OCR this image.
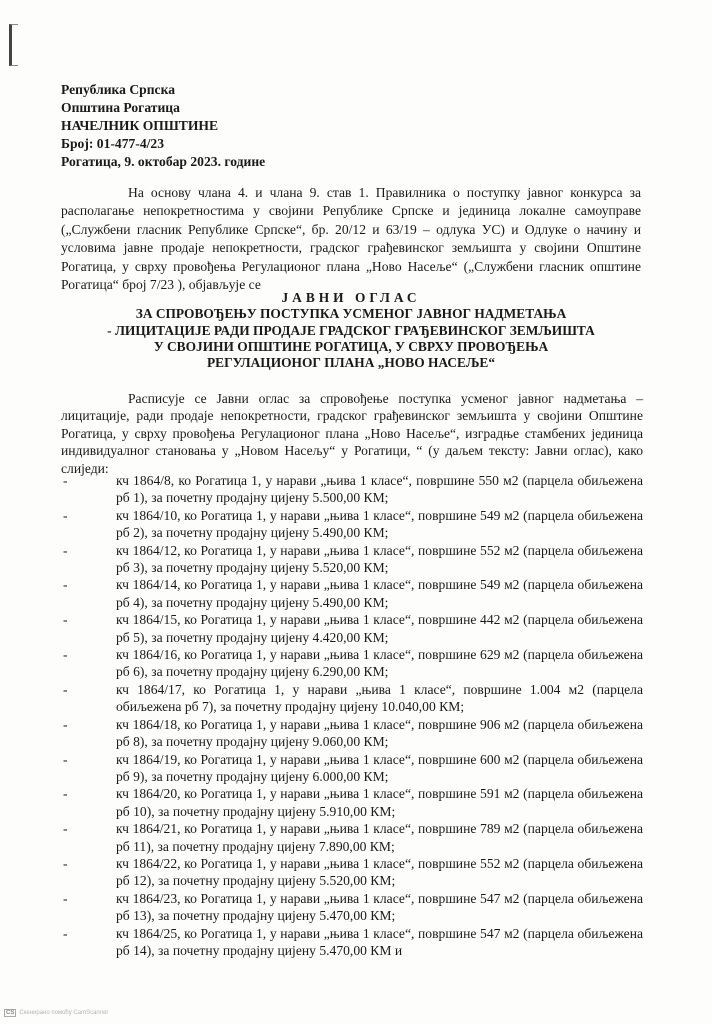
Република Српска
Општина Рогатица
НАЧЕЛНИК ОПШТИНЕ
Број: 01-477-4/23
Рогатица, 9. oктобар 2023. године

На основу члана 4. и члана 9. став 1. Правилника о поступку јавног конкурса за располагање непокретностима у својини Републике Српске и јединица локалне самоуправе („Службени гласник Републике Српске“, бр. 20/12 и 63/19 – одлука УС) и Одлуке о начину и условима јавне продаје непокретности, градског грађевинског земљишта у својини Општине Рогатица, у сврху провођења Регулационог плана „Ново Насеље“ („Службени гласник општине Рогатица“ број 7/23 ), објављује се

ЈАВНИ ОГЛАС
ЗА СПРОВОЂЕЊУ ПОСТУПКА УСМЕНОГ ЈАВНОГ НАДМЕТАЊА
- ЛИЦИТАЦИЈЕ РАДИ ПРОДАЈЕ ГРАДСКОГ ГРАЂЕВИНСКОГ ЗЕМЉИШТА
У СВОЈИНИ ОПШТИНЕ РОГАТИЦА, У СВРХУ ПРОВОЂЕЊА
РЕГУЛАЦИОНОГ ПЛАНА „НОВО НАСЕЉЕ“

Расписује се Јавни оглас за спровођење поступка усменог јавног надметања – лицитације, ради продаје непокретности, градског грађевинског земљишта у својини Општине Рогатица, у сврху провођења Регулационог плана „Ново Насеље“, изградње стамбених јединица индивидуалног становања у „Новом Насељу“ у Рогатици, “ (у даљем тексту: Јавни оглас), како слиједи:

-	кч 1864/8, ко Рогатица 1, у нарави „њива 1 класе“, површине 550 м2 (парцела обиљежена рб 1), за почетну продајну цијену 5.500,00 КМ;
-	кч 1864/10, ко Рогатица 1, у нарави „њива 1 класе“, површине 549 м2 (парцела обиљежена рб 2), за почетну продајну цијену 5.490,00 КМ;
-	кч 1864/12, ко Рогатица 1, у нарави „њива 1 класе“, површине 552 м2 (парцела обиљежена рб 3), за почетну продајну цијену 5.520,00 КМ;
-	кч 1864/14, ко Рогатица 1, у нарави „њива 1 класе“, површине 549 м2 (парцела обиљежена рб 4), за почетну продајну цијену 5.490,00 КМ;
-	кч 1864/15, ко Рогатица 1, у нарави „њива 1 класе“, површине 442 м2 (парцела обиљежена рб 5), за почетну продајну цијену 4.420,00 КМ;
-	кч 1864/16, ко Рогатица 1, у нарави „њива 1 класе“, површине 629 м2 (парцела обиљежена рб 6), за почетну продајну цијену 6.290,00 КМ;
-	кч 1864/17, ко Рогатица 1, у нарави „њива 1 класе“, површине 1.004 м2 (парцела обиљежена рб 7), за почетну продајну цијену 10.040,00 КМ;
-	кч 1864/18, ко Рогатица 1, у нарави „њива 1 класе“, површине 906 м2 (парцела обиљежена рб 8), за почетну продајну цијену 9.060,00 КМ;
-	кч 1864/19, ко Рогатица 1, у нарави „њива 1 класе“, површине 600 м2 (парцела обиљежена рб 9), за почетну продајну цијену 6.000,00 КМ;
-	кч 1864/20, ко Рогатица 1, у нарави „њива 1 класе“, површине 591 м2 (парцела обиљежена рб 10), за почетну продајну цијену 5.910,00 КМ;
-	кч 1864/21, ко Рогатица 1, у нарави „њива 1 класе“, површине 789 м2 (парцела обиљежена рб 11), за почетну продајну цијену 7.890,00 КМ;
-	кч 1864/22, ко Рогатица 1, у нарави „њива 1 класе“, површине 552 м2 (парцела обиљежена рб 12), за почетну продајну цијену 5.520,00 КМ;
-	кч 1864/23, ко Рогатица 1, у нарави „њива 1 класе“, површине 547 м2 (парцела обиљежена рб 13), за почетну продајну цијену 5.470,00 КМ;
-	кч 1864/25, ко Рогатица 1, у нарави „њива 1 класе“, површине 547 м2 (парцела обиљежена рб 14), за почетну продајну цијену 5.470,00 КМ и
CS Скенирано помоћу CamScanner
